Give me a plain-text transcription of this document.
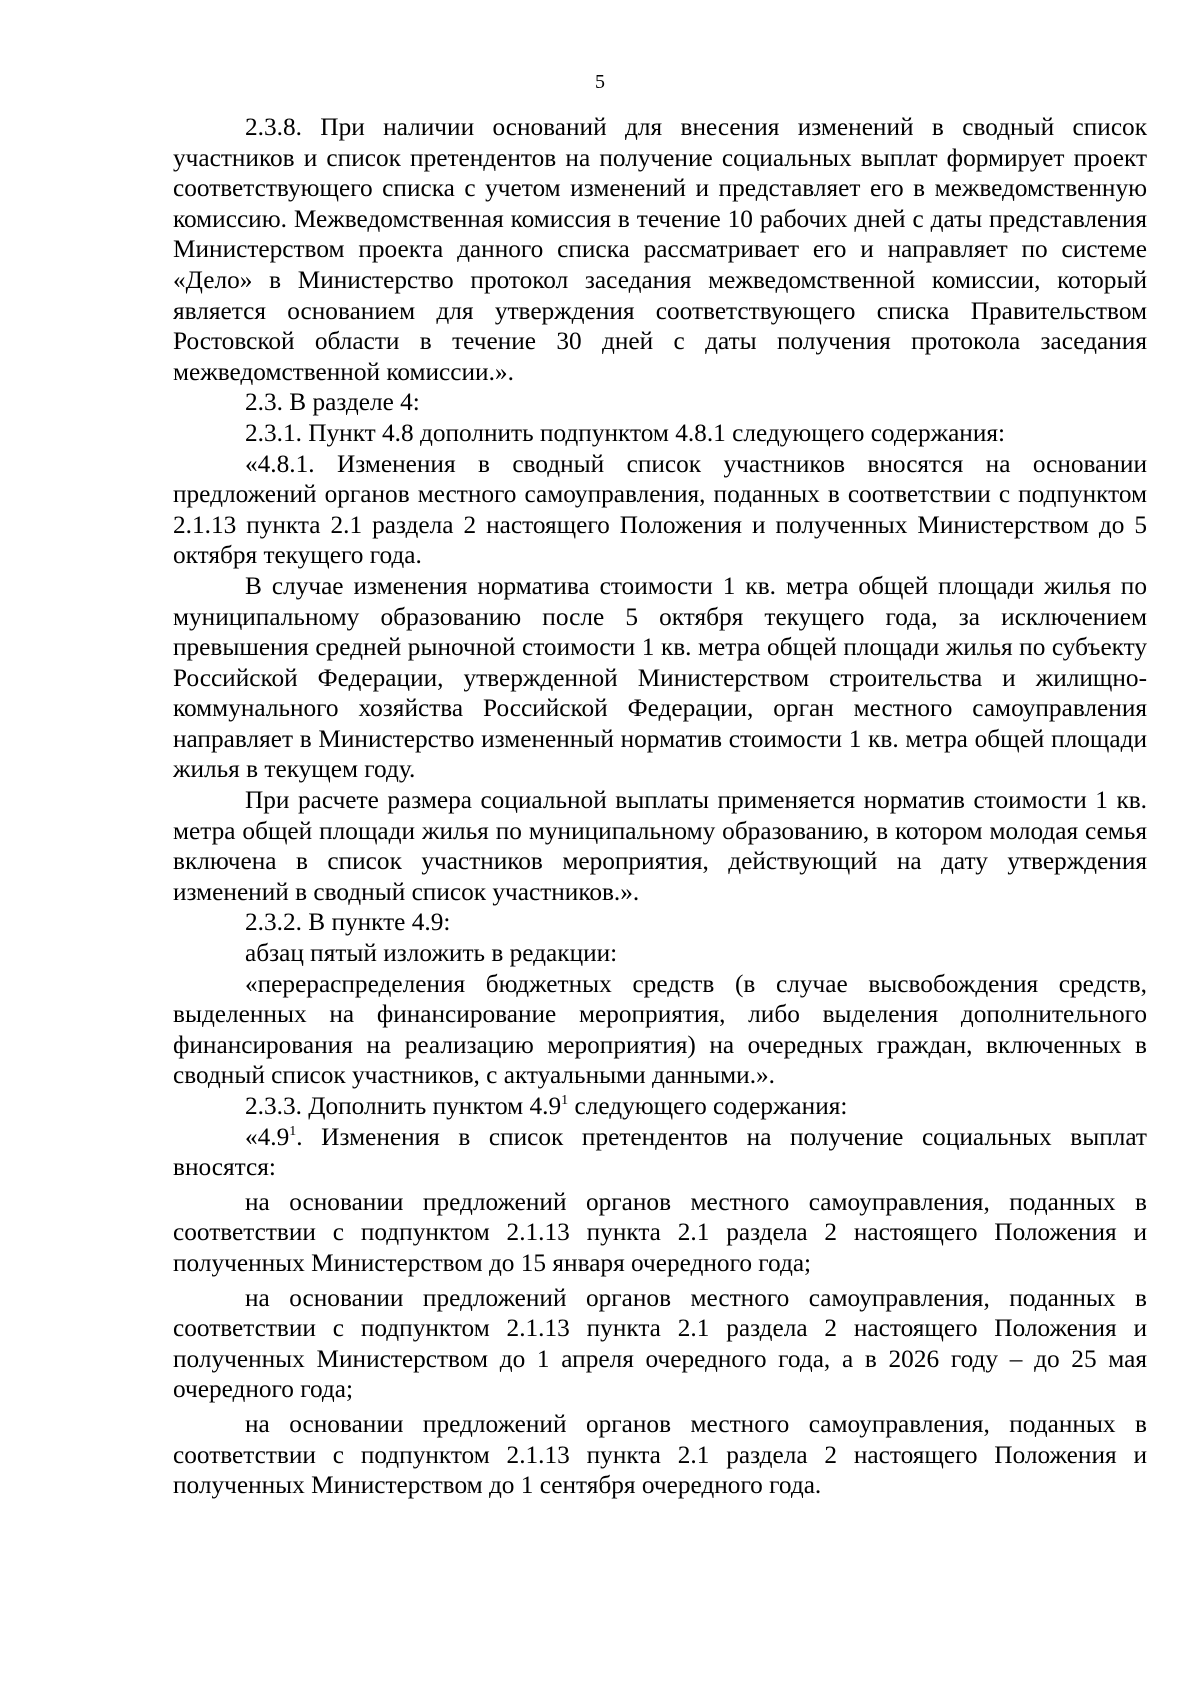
5

2.3.8. При наличии оснований для внесения изменений в сводный список участников и список претендентов на получение социальных выплат формирует проект соответствующего списка с учетом изменений и представляет его в межведомственную комиссию. Межведомственная комиссия в течение 10 рабочих дней с даты представления Министерством проекта данного списка рассматривает его и направляет по системе «Дело» в Министерство протокол заседания межведомственной комиссии, который является основанием для утверждения соответствующего списка Правительством Ростовской области в течение 30 дней с даты получения протокола заседания межведомственной комиссии.».

2.3. В разделе 4:

2.3.1. Пункт 4.8 дополнить подпунктом 4.8.1 следующего содержания:

«4.8.1. Изменения в сводный список участников вносятся на основании предложений органов местного самоуправления, поданных в соответствии с подпунктом 2.1.13 пункта 2.1 раздела 2 настоящего Положения и полученных Министерством до 5 октября текущего года.

В случае изменения норматива стоимости 1 кв. метра общей площади жилья по муниципальному образованию после 5 октября текущего года, за исключением превышения средней рыночной стоимости 1 кв. метра общей площади жилья по субъекту Российской Федерации, утвержденной Министерством строительства и жилищно-коммунального хозяйства Российской Федерации, орган местного самоуправления направляет в Министерство измененный норматив стоимости 1 кв. метра общей площади жилья в текущем году.

При расчете размера социальной выплаты применяется норматив стоимости 1 кв. метра общей площади жилья по муниципальному образованию, в котором молодая семья включена в список участников мероприятия, действующий на дату утверждения изменений в сводный список участников.».

2.3.2. В пункте 4.9:

абзац пятый изложить в редакции:

«перераспределения бюджетных средств (в случае высвобождения средств, выделенных на финансирование мероприятия, либо выделения дополнительного финансирования на реализацию мероприятия) на очередных граждан, включенных в сводный список участников, с актуальными данными.».

2.3.3. Дополнить пунктом $4.9^1$ следующего содержания:

«$4.9^1$. Изменения в список претендентов на получение социальных выплат вносятся:

на основании предложений органов местного самоуправления, поданных в соответствии с подпунктом 2.1.13 пункта 2.1 раздела 2 настоящего Положения и полученных Министерством до 15 января очередного года;

на основании предложений органов местного самоуправления, поданных в соответствии с подпунктом 2.1.13 пункта 2.1 раздела 2 настоящего Положения и полученных Министерством до 1 апреля очередного года, а в 2026 году – до 25 мая очередного года;

на основании предложений органов местного самоуправления, поданных в соответствии с подпунктом 2.1.13 пункта 2.1 раздела 2 настоящего Положения и полученных Министерством до 1 сентября очередного года.
